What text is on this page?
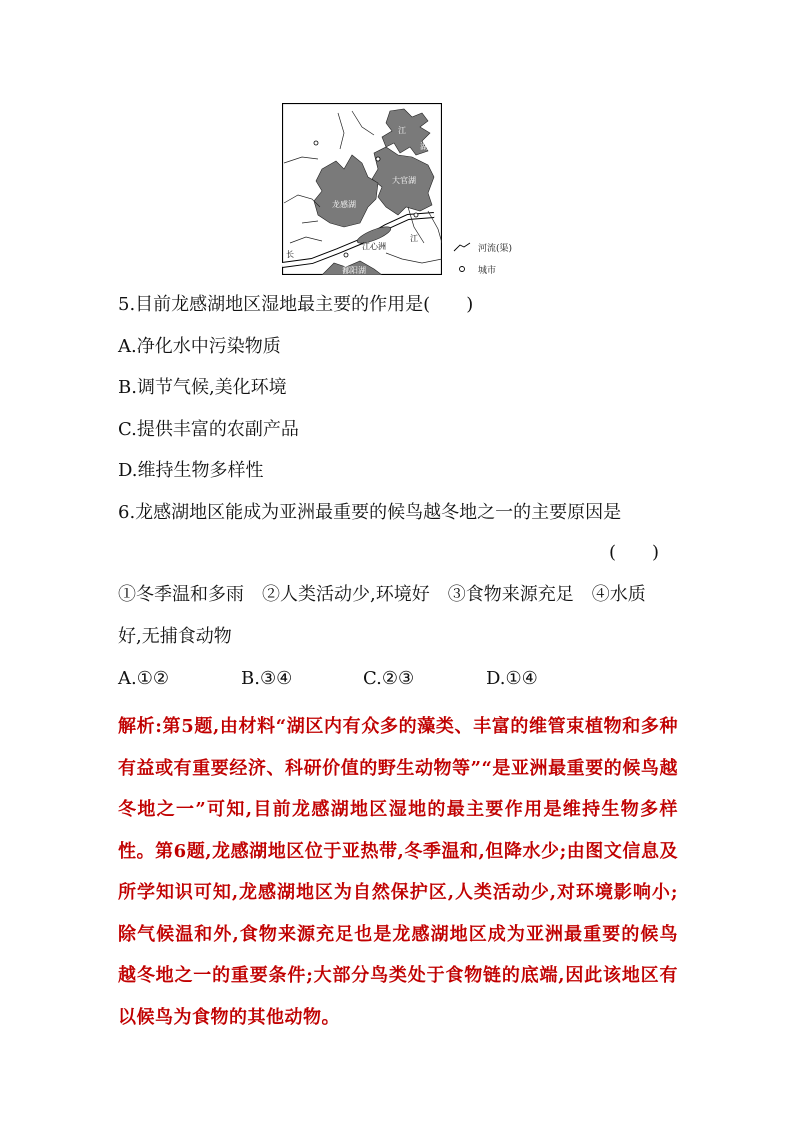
江
湖
大官湖
龙感湖
江心洲
江
长
鄱阳湖
河流(渠)
城市
5.目前龙感湖地区湿地最主要的作用是(　　)
A.净化水中污染物质
B.调节气候,美化环境
C.提供丰富的农副产品
D.维持生物多样性
6.龙感湖地区能成为亚洲最重要的候鸟越冬地之一的主要原因是
(　　)
①冬季温和多雨　②人类活动少,环境好　③食物来源充足　④水质
好,无捕食动物
A.①②	B.③④	C.②③	D.①④
解析:第5题,由材料“湖区内有众多的藻类、丰富的维管束植物和多种有益或有重要经济、科研价值的野生动物等”“是亚洲最重要的候鸟越冬地之一”可知,目前龙感湖地区湿地的最主要作用是维持生物多样性。第6题,龙感湖地区位于亚热带,冬季温和,但降水少;由图文信息及所学知识可知,龙感湖地区为自然保护区,人类活动少,对环境影响小;除气候温和外,食物来源充足也是龙感湖地区成为亚洲最重要的候鸟越冬地之一的重要条件;大部分鸟类处于食物链的底端,因此该地区有以候鸟为食物的其他动物。
